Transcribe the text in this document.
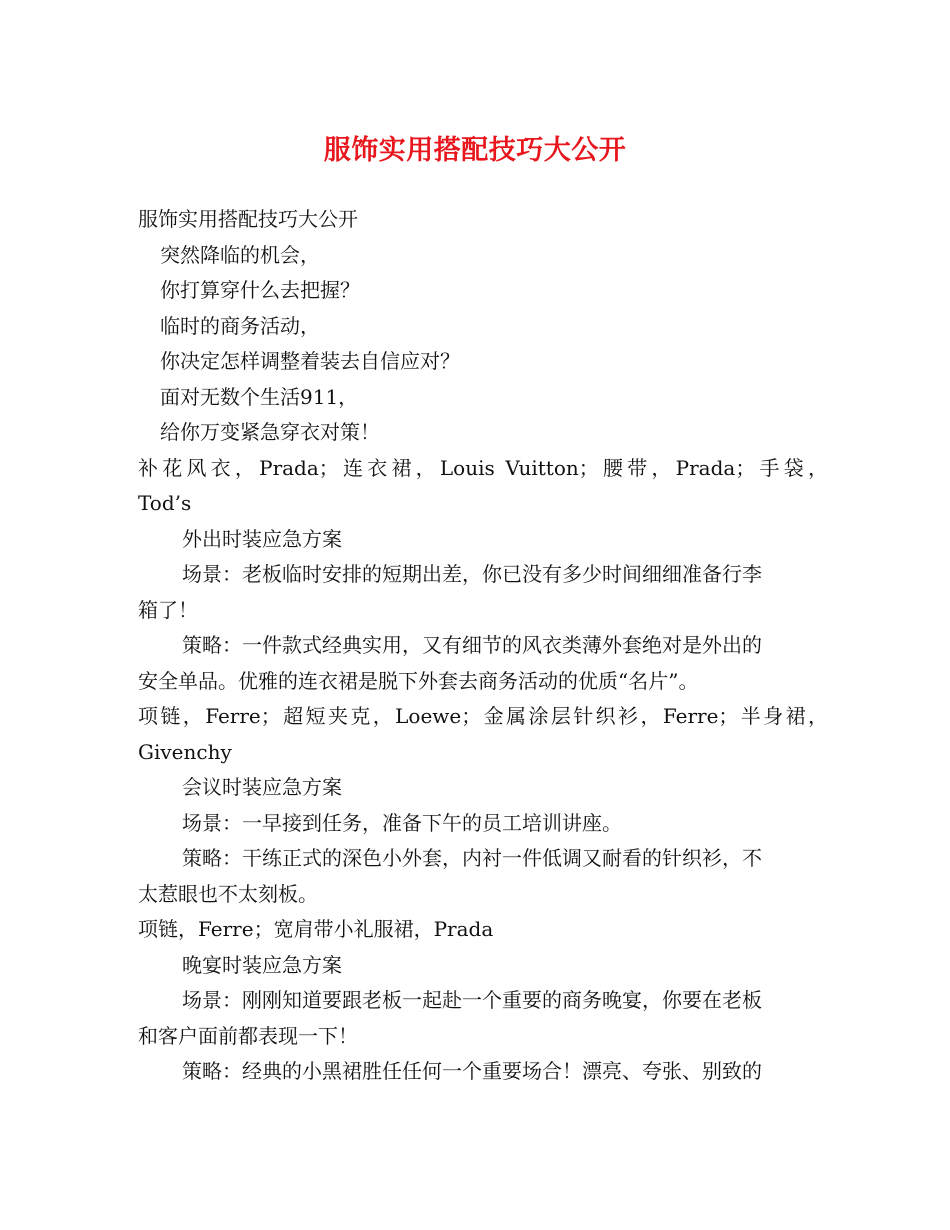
服饰实用搭配技巧大公开
服饰实用搭配技巧大公开
突然降临的机会，
你打算穿什么去把握？
临时的商务活动，
你决定怎样调整着装去自信应对？
面对无数个生活911，
给你万变紧急穿衣对策！
补花风衣，Prada；连衣裙，Louis Vuitton；腰带，Prada；手袋，
Tod’s
外出时装应急方案
场景：老板临时安排的短期出差，你已没有多少时间细细准备行李
箱了！
策略：一件款式经典实用，又有细节的风衣类薄外套绝对是外出的
安全单品。优雅的连衣裙是脱下外套去商务活动的优质“名片”。
项链，Ferre；超短夹克，Loewe；金属涂层针织衫，Ferre；半身裙，
Givenchy
会议时装应急方案
场景：一早接到任务，准备下午的员工培训讲座。
策略：干练正式的深色小外套，内衬一件低调又耐看的针织衫，不
太惹眼也不太刻板。
项链，Ferre；宽肩带小礼服裙，Prada
晚宴时装应急方案
场景：刚刚知道要跟老板一起赴一个重要的商务晚宴，你要在老板
和客户面前都表现一下！
策略：经典的小黑裙胜任任何一个重要场合！漂亮、夸张、别致的
